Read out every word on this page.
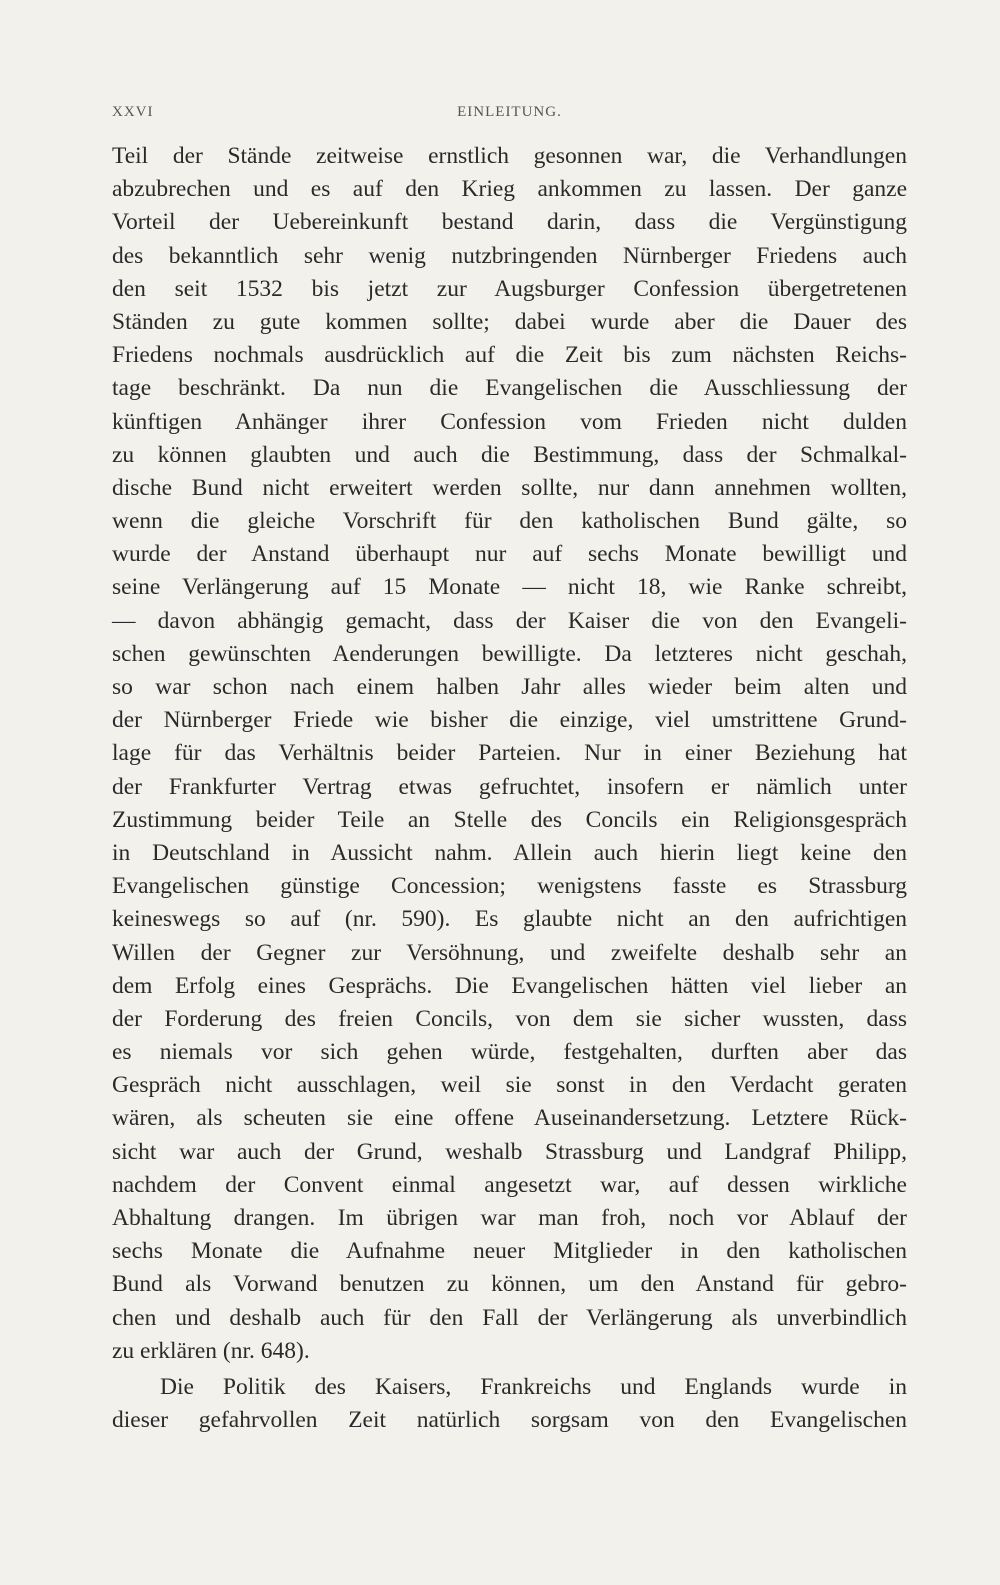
XXVI	EINLEITUNG.
Teil der Stände zeitweise ernstlich gesonnen war, die Verhandlungen
abzubrechen und es auf den Krieg ankommen zu lassen. Der ganze
Vorteil der Uebereinkunft bestand darin, dass die Vergünstigung
des bekanntlich sehr wenig nutzbringenden Nürnberger Friedens auch
den seit 1532 bis jetzt zur Augsburger Confession übergetretenen
Ständen zu gute kommen sollte; dabei wurde aber die Dauer des
Friedens nochmals ausdrücklich auf die Zeit bis zum nächsten Reichs-
tage beschränkt. Da nun die Evangelischen die Ausschliessung der
künftigen Anhänger ihrer Confession vom Frieden nicht dulden
zu können glaubten und auch die Bestimmung, dass der Schmalkal-
dische Bund nicht erweitert werden sollte, nur dann annehmen wollten,
wenn die gleiche Vorschrift für den katholischen Bund gälte, so
wurde der Anstand überhaupt nur auf sechs Monate bewilligt und
seine Verlängerung auf 15 Monate — nicht 18, wie Ranke schreibt,
— davon abhängig gemacht, dass der Kaiser die von den Evangeli-
schen gewünschten Aenderungen bewilligte. Da letzteres nicht geschah,
so war schon nach einem halben Jahr alles wieder beim alten und
der Nürnberger Friede wie bisher die einzige, viel umstrittene Grund-
lage für das Verhältnis beider Parteien. Nur in einer Beziehung hat
der Frankfurter Vertrag etwas gefruchtet, insofern er nämlich unter
Zustimmung beider Teile an Stelle des Concils ein Religionsgespräch
in Deutschland in Aussicht nahm. Allein auch hierin liegt keine den
Evangelischen günstige Concession; wenigstens fasste es Strassburg
keineswegs so auf (nr. 590). Es glaubte nicht an den aufrichtigen
Willen der Gegner zur Versöhnung, und zweifelte deshalb sehr an
dem Erfolg eines Gesprächs. Die Evangelischen hätten viel lieber an
der Forderung des freien Concils, von dem sie sicher wussten, dass
es niemals vor sich gehen würde, festgehalten, durften aber das
Gespräch nicht ausschlagen, weil sie sonst in den Verdacht geraten
wären, als scheuten sie eine offene Auseinandersetzung. Letztere Rück-
sicht war auch der Grund, weshalb Strassburg und Landgraf Philipp,
nachdem der Convent einmal angesetzt war, auf dessen wirkliche
Abhaltung drangen. Im übrigen war man froh, noch vor Ablauf der
sechs Monate die Aufnahme neuer Mitglieder in den katholischen
Bund als Vorwand benutzen zu können, um den Anstand für gebro-
chen und deshalb auch für den Fall der Verlängerung als unverbindlich
zu erklären (nr. 648).
Die Politik des Kaisers, Frankreichs und Englands wurde in
dieser gefahrvollen Zeit natürlich sorgsam von den Evangelischen
